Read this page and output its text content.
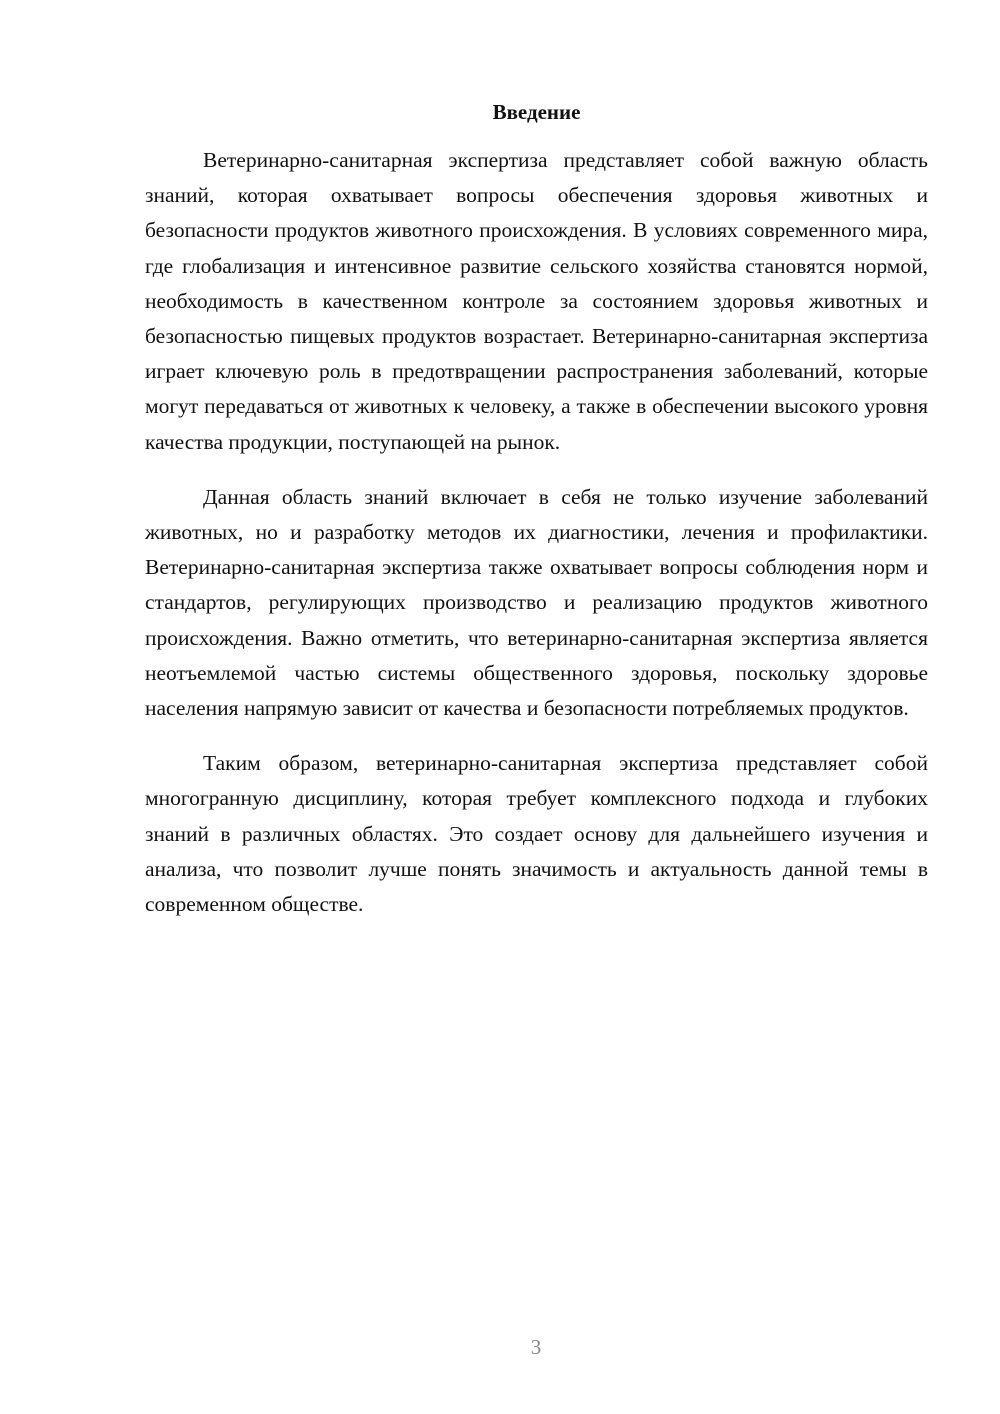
Введение

Ветеринарно-санитарная экспертиза представляет собой важную область знаний, которая охватывает вопросы обеспечения здоровья животных и безопасности продуктов животного происхождения. В условиях современного мира, где глобализация и интенсивное развитие сельского хозяйства становятся нормой, необходимость в качественном контроле за состоянием здоровья животных и безопасностью пищевых продуктов возрастает. Ветеринарно-санитарная экспертиза играет ключевую роль в предотвращении распространения заболеваний, которые могут передаваться от животных к человеку, а также в обеспечении высокого уровня качества продукции, поступающей на рынок.

Данная область знаний включает в себя не только изучение заболеваний животных, но и разработку методов их диагностики, лечения и профилактики. Ветеринарно-санитарная экспертиза также охватывает вопросы соблюдения норм и стандартов, регулирующих производство и реализацию продуктов животного происхождения. Важно отметить, что ветеринарно-санитарная экспертиза является неотъемлемой частью системы общественного здоровья, поскольку здоровье населения напрямую зависит от качества и безопасности потребляемых продуктов.

Таким образом, ветеринарно-санитарная экспертиза представляет собой многогранную дисциплину, которая требует комплексного подхода и глубоких знаний в различных областях. Это создает основу для дальнейшего изучения и анализа, что позволит лучше понять значимость и актуальность данной темы в современном обществе.

3
